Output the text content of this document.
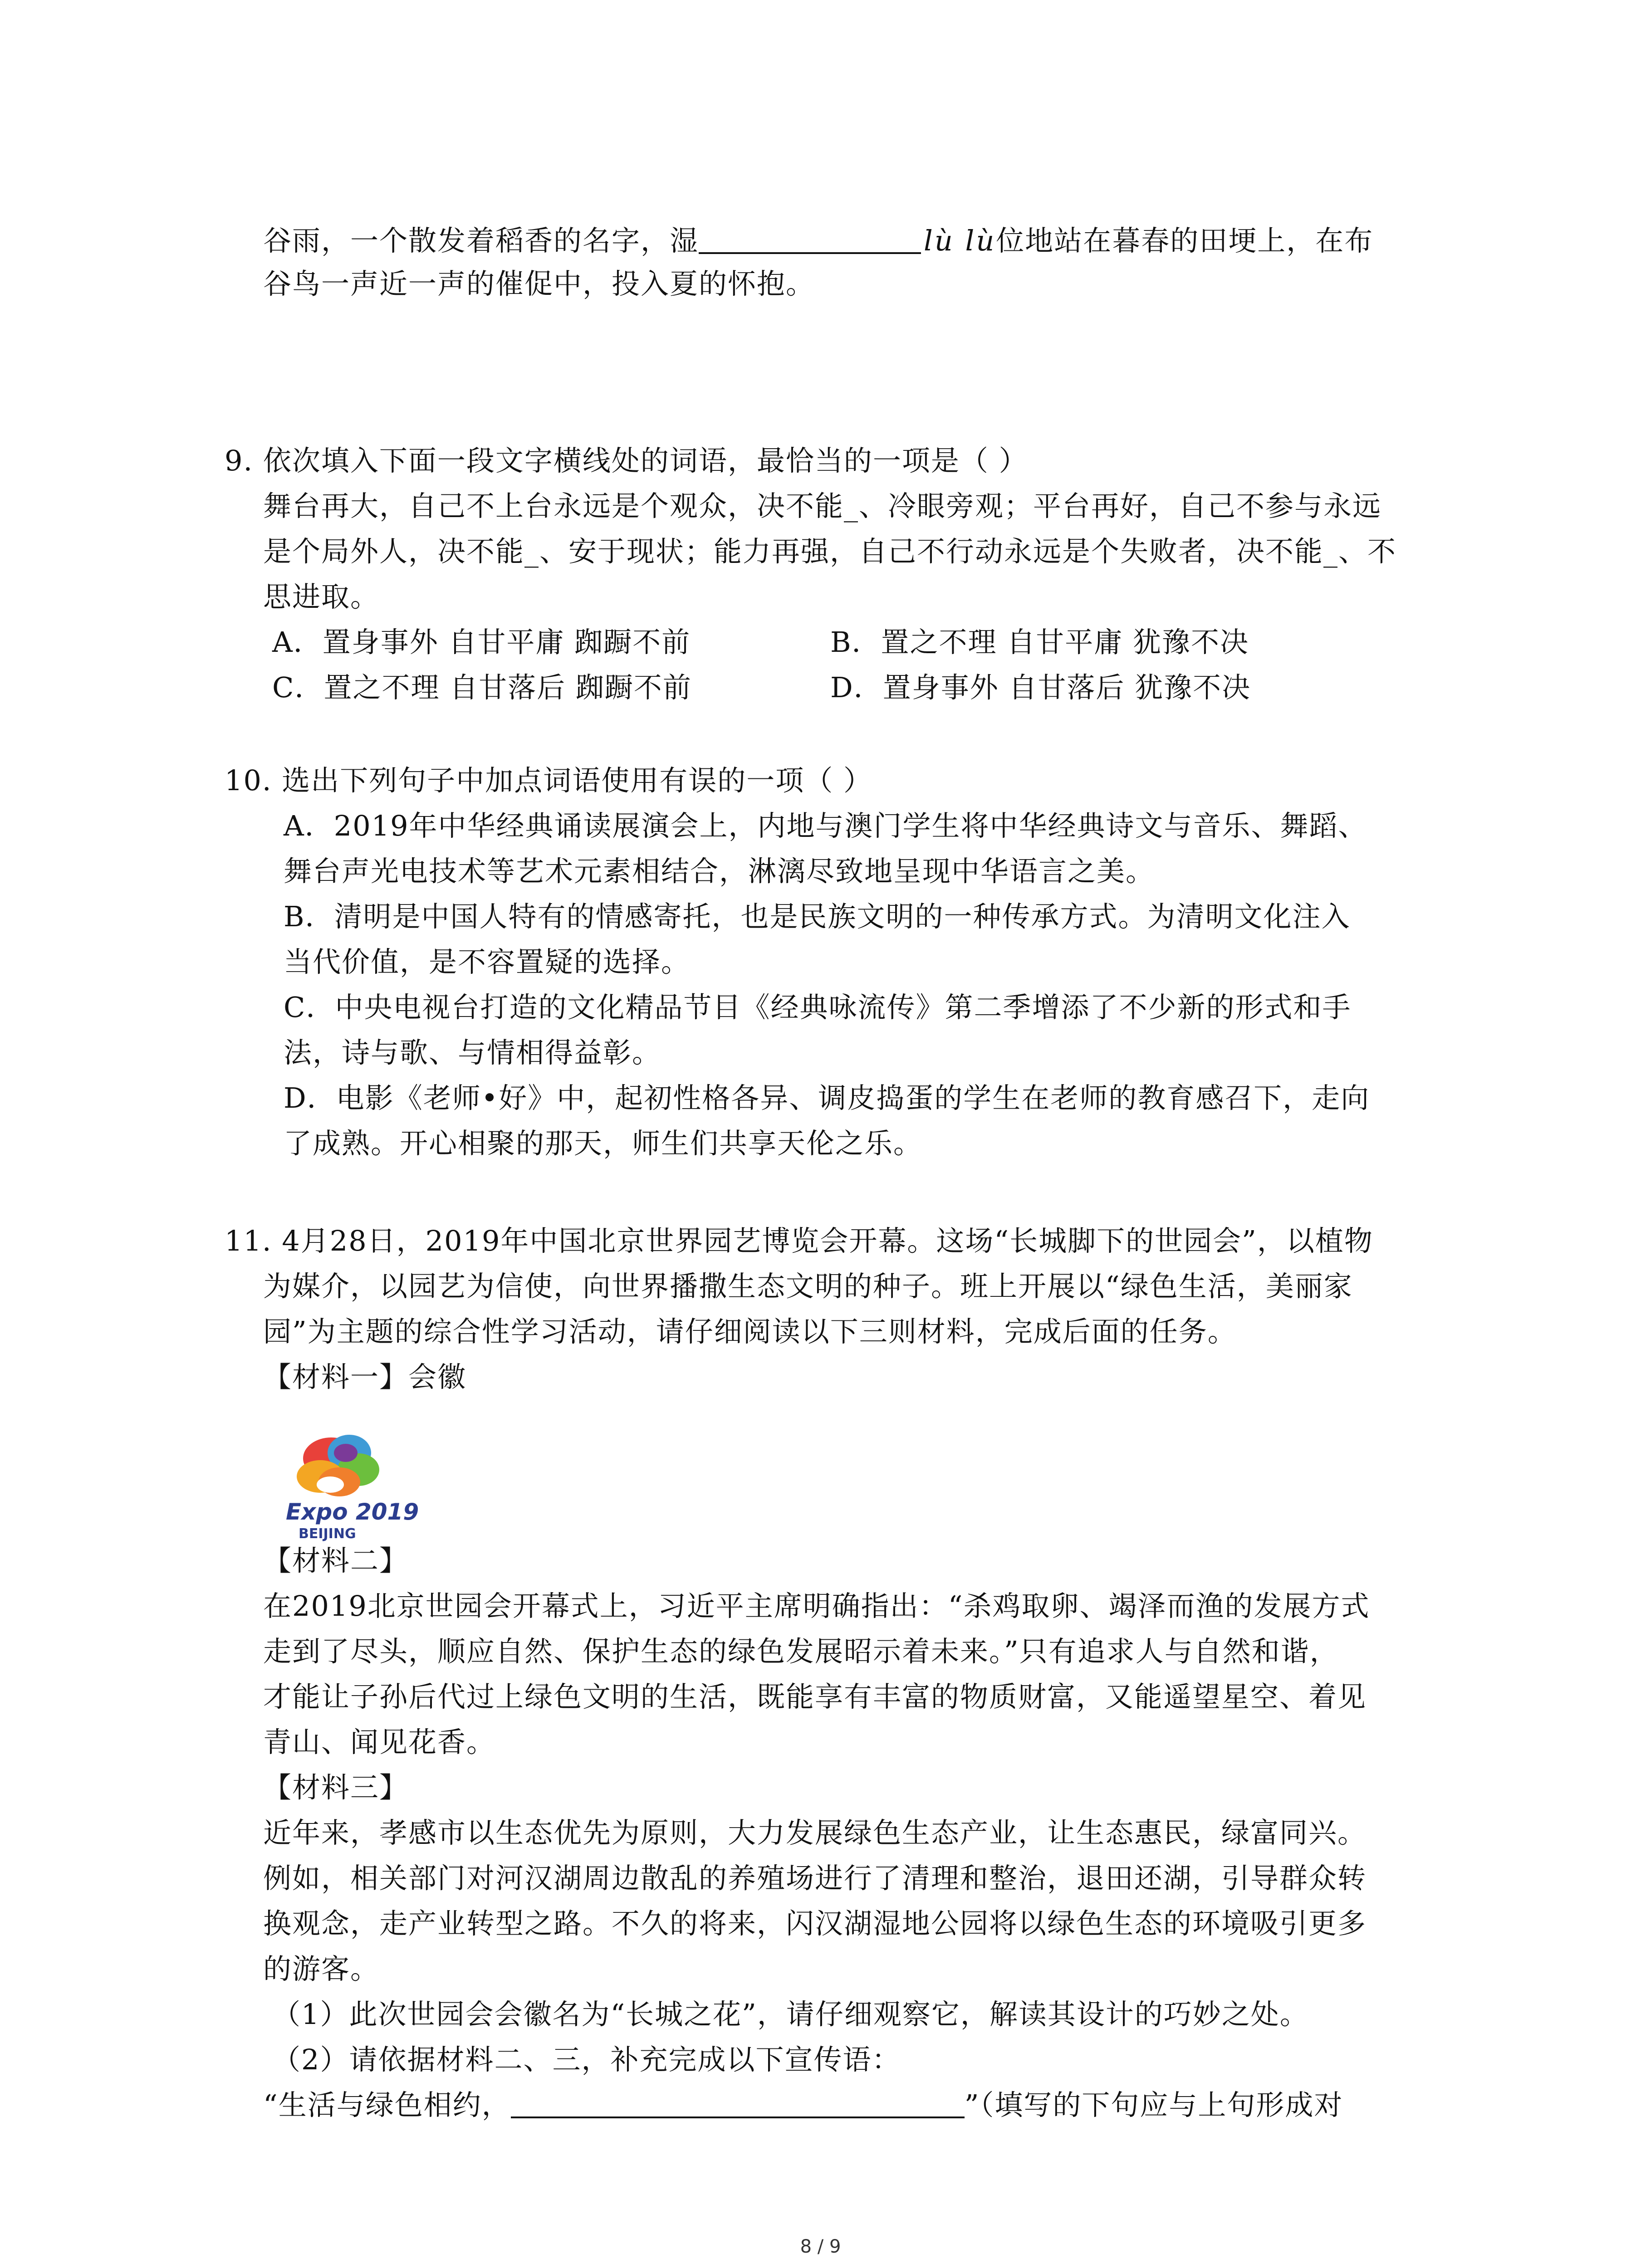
谷雨，一个散发着稻香的名字，湿	lù lù位地站在暮春的田埂上，在布

谷鸟一声近一声的催促中，投入夏的怀抱。

9. 依次填入下面一段文字横线处的词语，最恰当的一项是（ ）

舞台再大，自己不上台永远是个观众，决不能_、冷眼旁观；平台再好，自己不参与永远

是个局外人，决不能_、安于现状；能力再强，自己不行动永远是个失败者，决不能_、不

思进取。

A．置身事外 自甘平庸 踟蹰不前	B．置之不理 自甘平庸 犹豫不决

C．置之不理 自甘落后 踟蹰不前	D．置身事外 自甘落后 犹豫不决

10. 选出下列句子中加点词语使用有误的一项（ ）

A．2019年中华经典诵读展演会上，内地与澳门学生将中华经典诗文与音乐、舞蹈、

舞台声光电技术等艺术元素相结合，淋漓尽致地呈现中华语言之美。

B．清明是中国人特有的情感寄托，也是民族文明的一种传承方式。为清明文化注入

当代价值，是不容置疑的选择。

C．中央电视台打造的文化精品节目《经典咏流传》第二季增添了不少新的形式和手

法，诗与歌、与情相得益彰。

D．电影《老师•好》中，起初性格各异、调皮捣蛋的学生在老师的教育感召下，走向

了成熟。开心相聚的那天，师生们共享天伦之乐。

11. 4月28日，2019年中国北京世界园艺博览会开幕。这场“长城脚下的世园会”，以植物

为媒介，以园艺为信使，向世界播撒生态文明的种子。班上开展以“绿色生活，美丽家

园”为主题的综合性学习活动，请仔细阅读以下三则材料，完成后面的任务。

【材料一】会徽

Expo 2019
BEIJING

【材料二】

在2019北京世园会开幕式上，习近平主席明确指出：“杀鸡取卵、竭泽而渔的发展方式

走到了尽头，顺应自然、保护生态的绿色发展昭示着未来。”只有追求人与自然和谐，

才能让子孙后代过上绿色文明的生活，既能享有丰富的物质财富，又能遥望星空、着见

青山、闻见花香。

【材料三】

近年来，孝感市以生态优先为原则，大力发展绿色生态产业，让生态惠民，绿富同兴。

例如，相关部门对河汉湖周边散乱的养殖场进行了清理和整治，退田还湖，引导群众转

换观念，走产业转型之路。不久的将来，闪汉湖湿地公园将以绿色生态的环境吸引更多

的游客。

（1）此次世园会会徽名为“长城之花”，请仔细观察它，解读其设计的巧妙之处。

（2）请依据材料二、三，补充完成以下宣传语：

“生活与绿色相约，	”（填写的下句应与上句形成对

8 / 9
